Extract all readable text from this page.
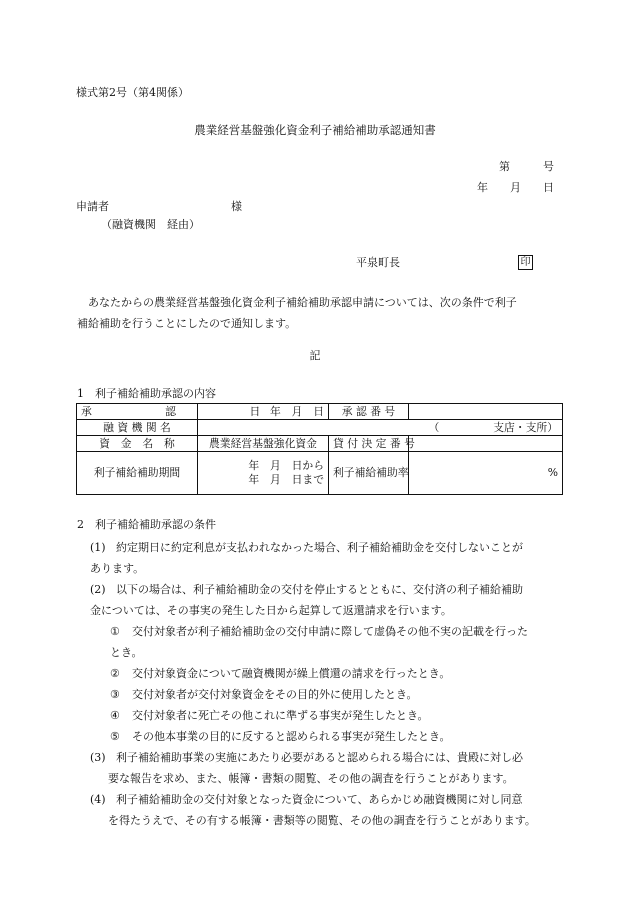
様式第2号（第4関係）
農業経営基盤強化資金利子補給補助承認通知書
第　　　号
年　　月　　日
申請者	様
（融資機関　経由）
平泉町長	印
あなたからの農業経営基盤強化資金利子補給補助承認申請については、次の条件で利子
補給補助を行うことにしたので通知します。
記
1　利子補給補助承認の内容
承　　認　　日	年　月　日	承 認 番 号	
融 資 機 関 名	（　　　　　支店・支所）		
資　金　名　称	農業経営基盤強化資金	貸 付 決 定 番 号	
利子補給補助期間	年　月　日から
年　月　日まで	利子補給補助率	%
2　利子補給補助承認の条件
(1) 約定期日に約定利息が支払われなかった場合、利子補給補助金を交付しないことが
あります。
(2) 以下の場合は、利子補給補助金の交付を停止するとともに、交付済の利子補給補助
金については、その事実の発生した日から起算して返還請求を行います。
① 交付対象者が利子補給補助金の交付申請に際して虚偽その他不実の記載を行った
とき。
② 交付対象資金について融資機関が繰上償還の請求を行ったとき。
③ 交付対象者が交付対象資金をその目的外に使用したとき。
④ 交付対象者に死亡その他これに準ずる事実が発生したとき。
⑤ その他本事業の目的に反すると認められる事実が発生したとき。
(3) 利子補給補助事業の実施にあたり必要があると認められる場合には、貴殿に対し必
要な報告を求め、また、帳簿・書類の閲覧、その他の調査を行うことがあります。
(4) 利子補給補助金の交付対象となった資金について、あらかじめ融資機関に対し同意
を得たうえで、その有する帳簿・書類等の閲覧、その他の調査を行うことがあります。
